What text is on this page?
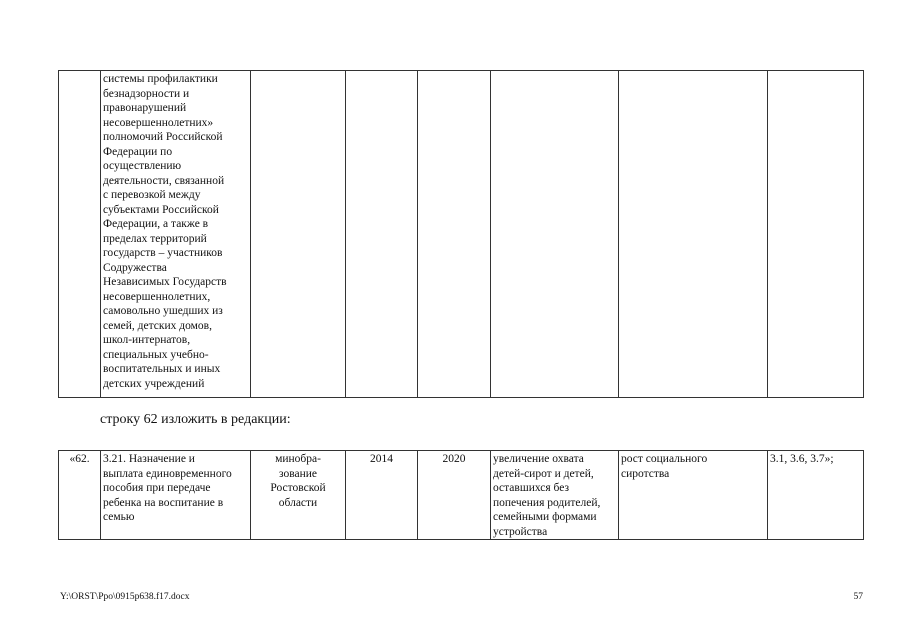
	системы профилактики
безнадзорности и
правонарушений
несовершеннолетних»
полномочий Российской
Федерации по
осуществлению
деятельности, связанной
с перевозкой между
субъектами Российской
Федерации, а также в
пределах территорий
государств – участников
Содружества
Независимых Государств
несовершеннолетних,
самовольно ушедших из
семей, детских домов,
школ-интернатов,
специальных учебно-
воспитательных и иных
детских учреждений						
строку 62 изложить в редакции:
«62.	3.21. Назначение и
выплата единовременного
пособия при передаче
ребенка на воспитание в
семью	минобра-
зование
Ростовской
области	2014	2020	увеличение охвата
детей-сирот и детей,
оставшихся без
попечения родителей,
семейными формами
устройства	рост социального
сиротства	3.1, 3.6, 3.7»;
Y:\ORST\Ppo\0915p638.f17.docx	57
